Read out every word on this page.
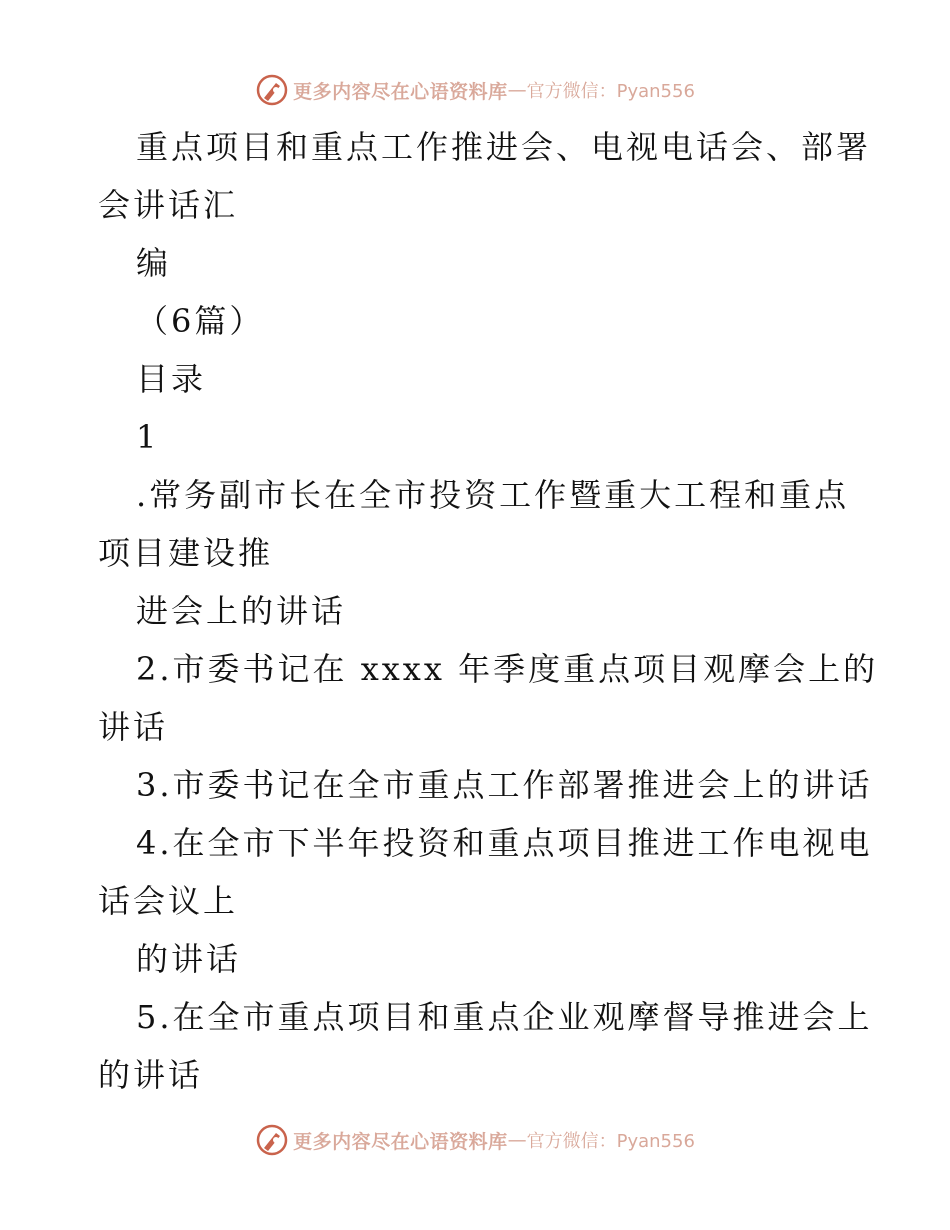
更多内容尽在心语资料库 — 官方微信：Pyan556
重点项目和重点工作推进会、电视电话会、部署
会讲话汇
编
（6篇）
目录
1
.常务副市长在全市投资工作暨重大工程和重点
项目建设推
进会上的讲话
2.市委书记在 xxxx 年季度重点项目观摩会上的
讲话
3.市委书记在全市重点工作部署推进会上的讲话
4.在全市下半年投资和重点项目推进工作电视电
话会议上
的讲话
5.在全市重点项目和重点企业观摩督导推进会上
的讲话
更多内容尽在心语资料库 — 官方微信：Pyan556
